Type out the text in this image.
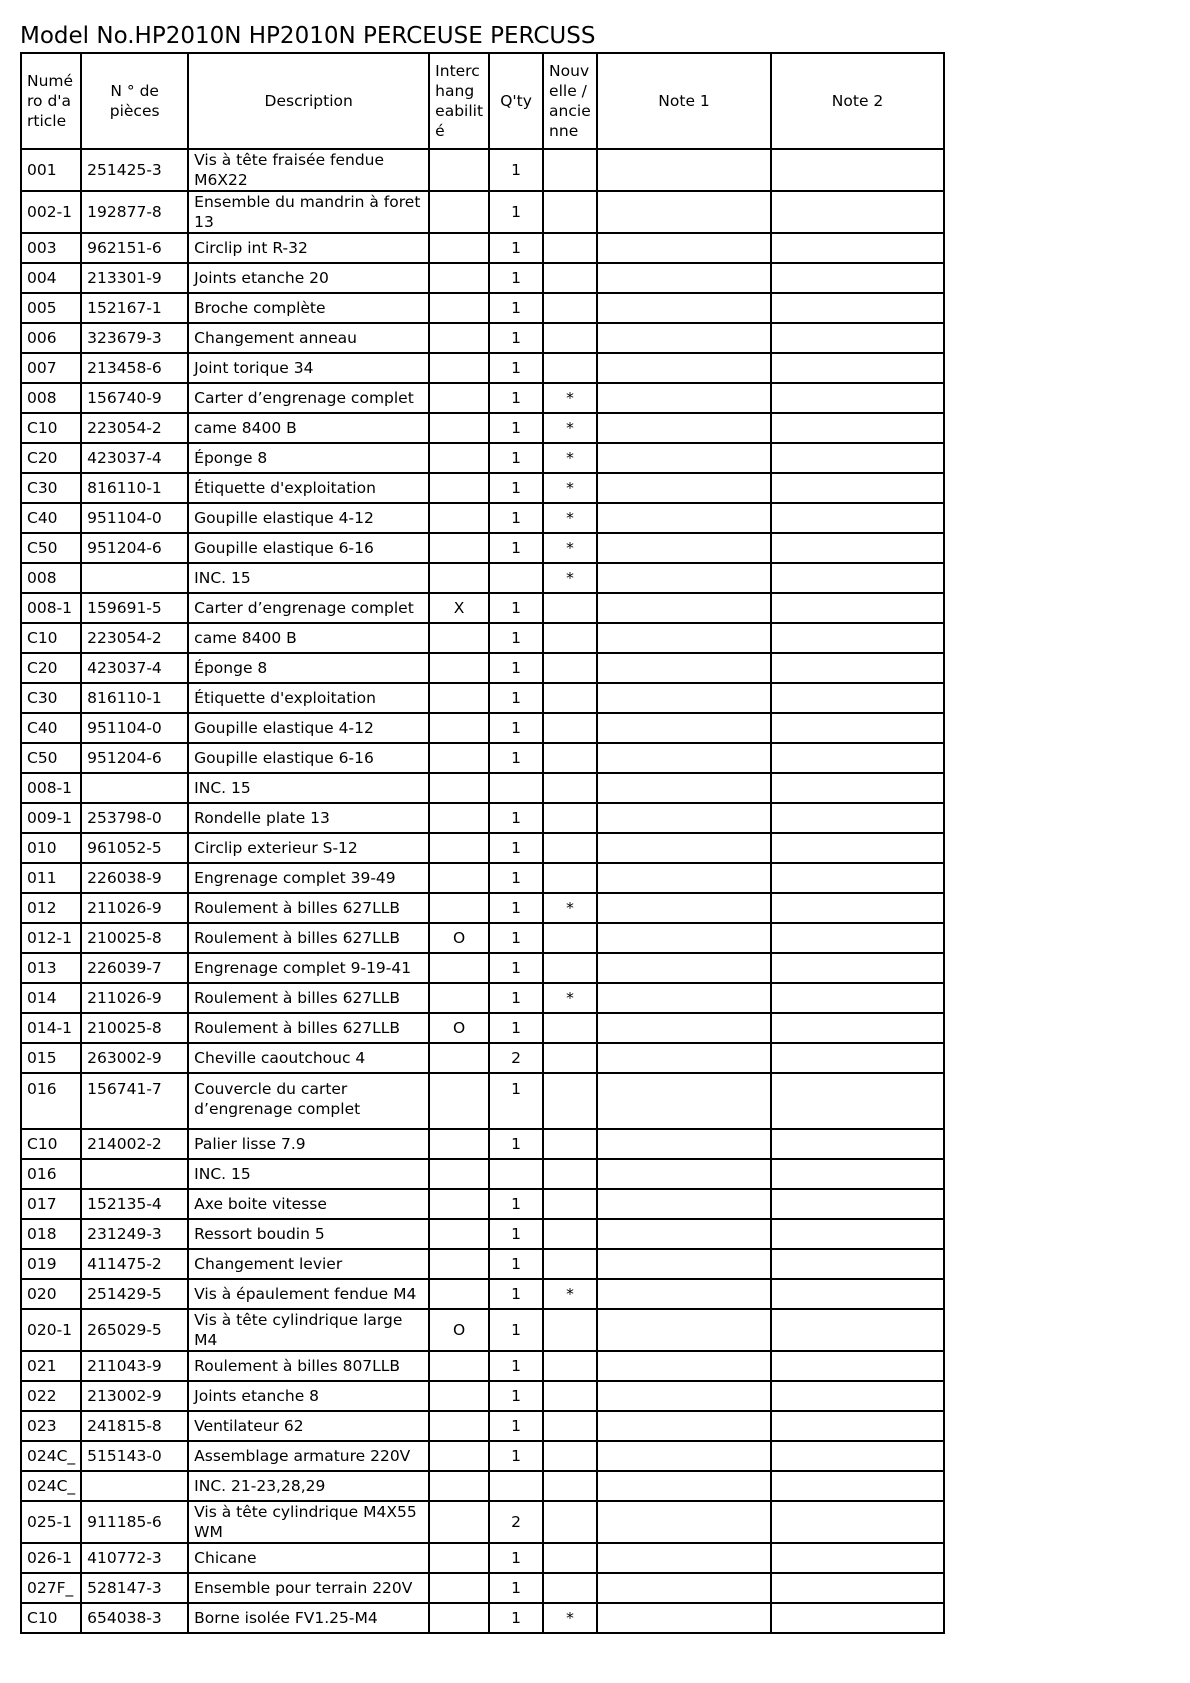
Model No.HP2010N HP2010N PERCEUSE PERCUSS
Numé ro d'a rticle	N ° de pièces	Description	Interc hang eabilit é	Q'ty	Nouv elle / ancie nne	Note 1	Note 2
001	251425-3	Vis à tête fraisée fendue M6X22		1			
002-1	192877-8	Ensemble du mandrin à foret 13		1			
003	962151-6	Circlip int R-32		1			
004	213301-9	Joints etanche 20		1			
005	152167-1	Broche complète		1			
006	323679-3	Changement anneau		1			
007	213458-6	Joint torique 34		1			
008	156740-9	Carter d’engrenage complet		1	*		
C10	223054-2	came 8400 B		1	*		
C20	423037-4	Éponge 8		1	*		
C30	816110-1	Étiquette d'exploitation		1	*		
C40	951104-0	Goupille elastique 4-12		1	*		
C50	951204-6	Goupille elastique 6-16		1	*		
008		INC. 15			*		
008-1	159691-5	Carter d’engrenage complet	X	1			
C10	223054-2	came 8400 B		1			
C20	423037-4	Éponge 8		1			
C30	816110-1	Étiquette d'exploitation		1			
C40	951104-0	Goupille elastique 4-12		1			
C50	951204-6	Goupille elastique 6-16		1			
008-1		INC. 15					
009-1	253798-0	Rondelle plate 13		1			
010	961052-5	Circlip exterieur S-12		1			
011	226038-9	Engrenage complet 39-49		1			
012	211026-9	Roulement à billes 627LLB		1	*		
012-1	210025-8	Roulement à billes 627LLB	O	1			
013	226039-7	Engrenage complet 9-19-41		1			
014	211026-9	Roulement à billes 627LLB		1	*		
014-1	210025-8	Roulement à billes 627LLB	O	1			
015	263002-9	Cheville caoutchouc 4		2			
016	156741-7	Couvercle du carter d’engrenage complet		1			
C10	214002-2	Palier lisse 7.9		1			
016		INC. 15					
017	152135-4	Axe boite vitesse		1			
018	231249-3	Ressort boudin 5		1			
019	411475-2	Changement levier		1			
020	251429-5	Vis à épaulement fendue M4		1	*		
020-1	265029-5	Vis à tête cylindrique large M4	O	1			
021	211043-9	Roulement à billes 807LLB		1			
022	213002-9	Joints etanche 8		1			
023	241815-8	Ventilateur 62		1			
024C_	515143-0	Assemblage armature 220V		1			
024C_		INC. 21-23,28,29					
025-1	911185-6	Vis à tête cylindrique M4X55 WM		2			
026-1	410772-3	Chicane		1			
027F_	528147-3	Ensemble pour terrain 220V		1			
C10	654038-3	Borne isolée FV1.25-M4		1	*		
